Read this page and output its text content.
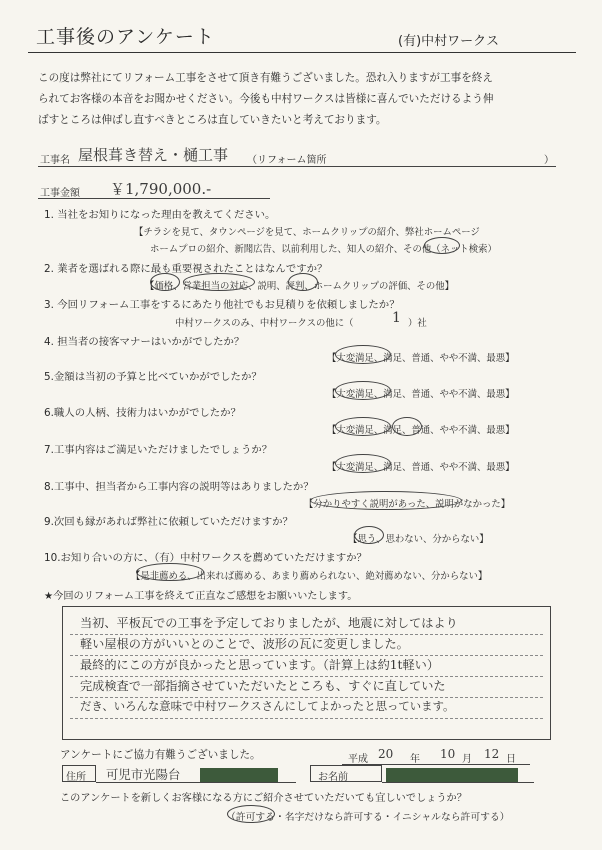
工事後のアンケート	(有)中村ワークス
この度は弊社にてリフォーム工事をさせて頂き有難うございました。恐れ入りますが工事を終え
られてお客様の本音をお聞かせください。今後も中村ワークスは皆様に喜んでいただけるよう伸
ばすところは伸ばし直すべきところは直していきたいと考えております。
工事名 屋根葺き替え・樋工事 （リフォーム箇所	）
工事金額 ￥1,790,000.-
1. 当社をお知りになった理由を教えてください。
【チラシを見て、タウンページを見て、ホームクリップの紹介、弊社ホームページ
ホームプロの紹介、新聞広告、以前利用した、知人の紹介、その他（ネット検索）
2. 業者を選ばれる際に最も重要視されたことはなんですか？
【価格、営業担当の対応、説明、評判、ホームクリップの評価、その他】
3. 今回リフォーム工事をするにあたり他社でもお見積りを依頼しましたか？
中村ワークスのみ、中村ワークスの他に（	1 ）社
4. 担当者の接客マナーはいかがでしたか？
【大変満足、満足、普通、やや不満、最悪】
5.金額は当初の予算と比べていかがでしたか？
【大変満足、満足、普通、やや不満、最悪】
6.職人の人柄、技術力はいかがでしたか？
【大変満足、満足、普通、やや不満、最悪】
7.工事内容はご満足いただけましたでしょうか？
【大変満足、満足、普通、やや不満、最悪】
8.工事中、担当者から工事内容の説明等はありましたか？
【分かりやすく説明があった、説明がなかった】
9.次回も縁があれば弊社に依頼していただけますか？
【思う、思わない、分からない】
10.お知り合いの方に、（有）中村ワークスを薦めていただけますか？
【是非薦める、出来れば薦める、あまり薦められない、絶対薦めない、分からない】
★今回のリフォーム工事を終えて正直なご感想をお願いいたします。
当初、平板瓦での工事を予定しておりましたが、地震に対してはより
軽い屋根の方がいいとのことで、波形の瓦に変更しました。
最終的にこの方が良かったと思っています。（計算上は約1t軽い）
完成検査で一部指摘させていただいたところも、すぐに直していた
だき、いろんな意味で中村ワークスさんにしてよかったと思っています。
アンケートにご協力有難うございました。	平成 20 年 10 月 12 日
住所 可児市光陽台	お名前
このアンケートを新しくお客様になる方にご紹介させていただいても宜しいでしょうか？
（許可する・名字だけなら許可する・イニシャルなら許可する）
